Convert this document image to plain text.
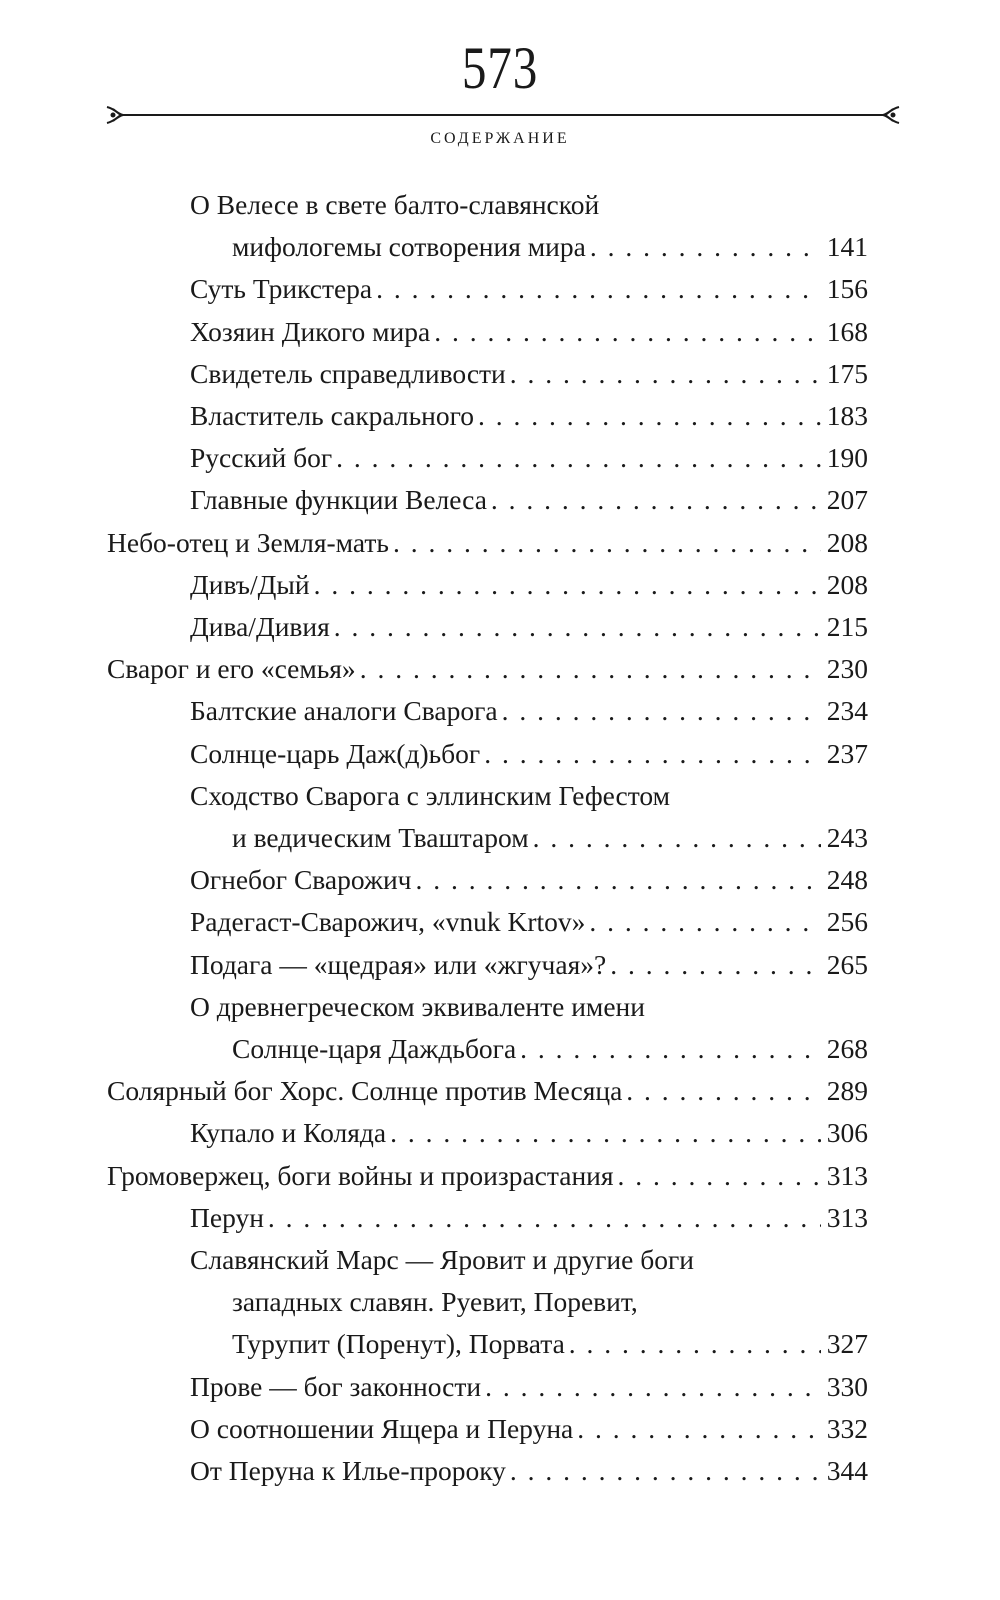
573
СОДЕРЖАНИЕ
О Велесе в свете балто-славянской
мифологемы сотворения мира . . .	141
Суть Трикстера . . .	156
Хозяин Дикого мира . . .	168
Свидетель справедливости . . .	175
Властитель сакрального . . .	183
Русский бог . . .	190
Главные функции Велеса . . .	207
Небо-отец и Земля-мать . . .	208
Дивъ/Дый . . .	208
Дива/Дивия . . .	215
Сварог и его «семья» . . .	230
Балтские аналоги Сварога . . .	234
Солнце-царь Даж(д)ьбог . . .	237
Сходство Сварога с эллинским Гефестом
и ведическим Тваштаром . . .	243
Огнебог Сварожич . . .	248
Радегаст-Сварожич, «vnuk Krtov» . . .	256
Подага — «щедрая» или «жгучая»? . . .	265
О древнегреческом эквиваленте имени
Солнце-царя Даждьбога . . .	268
Солярный бог Хорс. Солнце против Месяца . . .	289
Купало и Коляда . . .	306
Громовержец, боги войны и произрастания . . .	313
Перун . . .	313
Славянский Марс — Яровит и другие боги
западных славян. Руевит, Поревит,
Турупит (Поренут), Порвата . . .	327
Прове — бог законности . . .	330
О соотношении Ящера и Перуна . . .	332
От Перуна к Илье-пророку . . .	344
